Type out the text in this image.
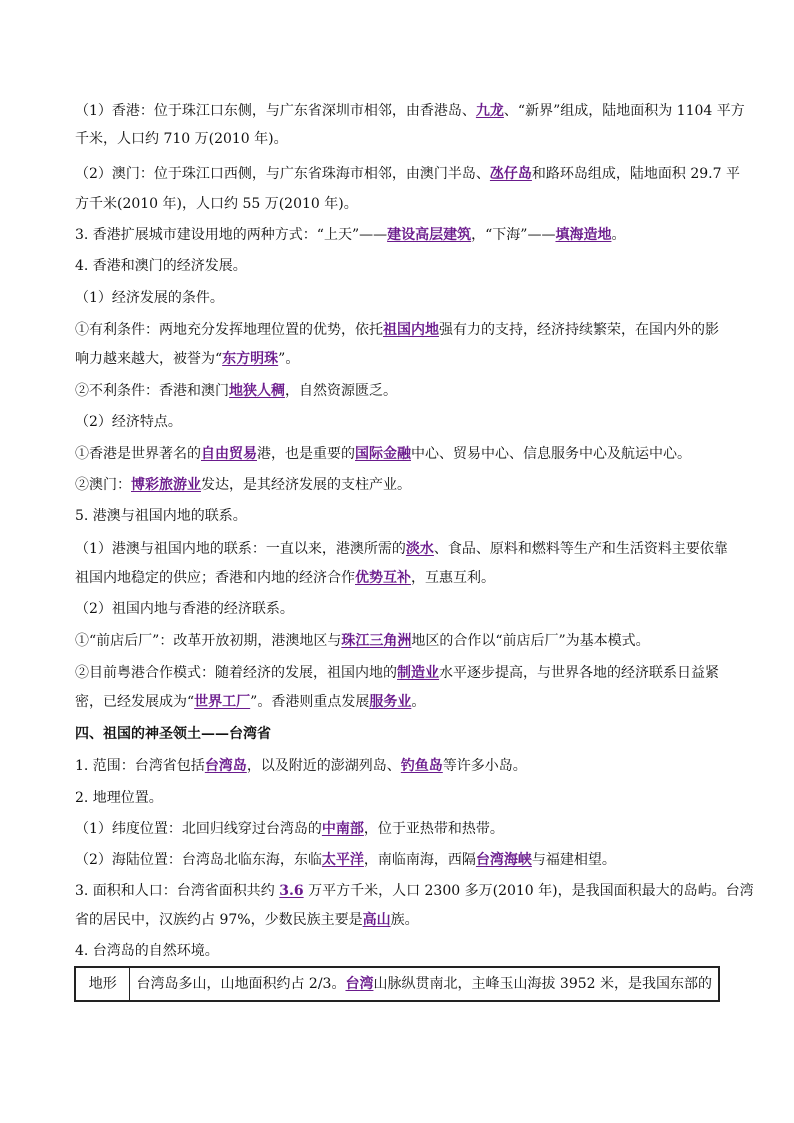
（1）香港：位于珠江口东侧，与广东省深圳市相邻，由香港岛、九龙、“新界”组成，陆地面积为 1104 平方
千米，人口约 710 万(2010 年)。
（2）澳门：位于珠江口西侧，与广东省珠海市相邻，由澳门半岛、氹仔岛和路环岛组成，陆地面积 29.7 平
方千米(2010 年)，人口约 55 万(2010 年)。
3. 香港扩展城市建设用地的两种方式：“上天”——建设高层建筑，“下海”——填海造地。
4. 香港和澳门的经济发展。
（1）经济发展的条件。
①有利条件：两地充分发挥地理位置的优势，依托祖国内地强有力的支持，经济持续繁荣，在国内外的影
响力越来越大，被誉为“东方明珠”。
②不利条件：香港和澳门地狭人稠，自然资源匮乏。
（2）经济特点。
①香港是世界著名的自由贸易港，也是重要的国际金融中心、贸易中心、信息服务中心及航运中心。
②澳门：博彩旅游业发达，是其经济发展的支柱产业。
5. 港澳与祖国内地的联系。
（1）港澳与祖国内地的联系：一直以来，港澳所需的淡水、食品、原料和燃料等生产和生活资料主要依靠
祖国内地稳定的供应；香港和内地的经济合作优势互补，互惠互利。
（2）祖国内地与香港的经济联系。
①“前店后厂”：改革开放初期，港澳地区与珠江三角洲地区的合作以“前店后厂”为基本模式。
②目前粤港合作模式：随着经济的发展，祖国内地的制造业水平逐步提高，与世界各地的经济联系日益紧
密，已经发展成为“世界工厂”。香港则重点发展服务业。
四、祖国的神圣领土——台湾省
1. 范围：台湾省包括台湾岛，以及附近的澎湖列岛、钓鱼岛等许多小岛。
2. 地理位置。
（1）纬度位置：北回归线穿过台湾岛的中南部，位于亚热带和热带。
（2）海陆位置：台湾岛北临东海，东临太平洋，南临南海，西隔台湾海峡与福建相望。
3. 面积和人口：台湾省面积共约 3.6 万平方千米，人口 2300 多万(2010 年)，是我国面积最大的岛屿。台湾
省的居民中，汉族约占 97%，少数民族主要是高山族。
4. 台湾岛的自然环境。
地形	台湾岛多山，山地面积约占 2/3。台湾山脉纵贯南北，主峰玉山海拔 3952 米，是我国东部的
